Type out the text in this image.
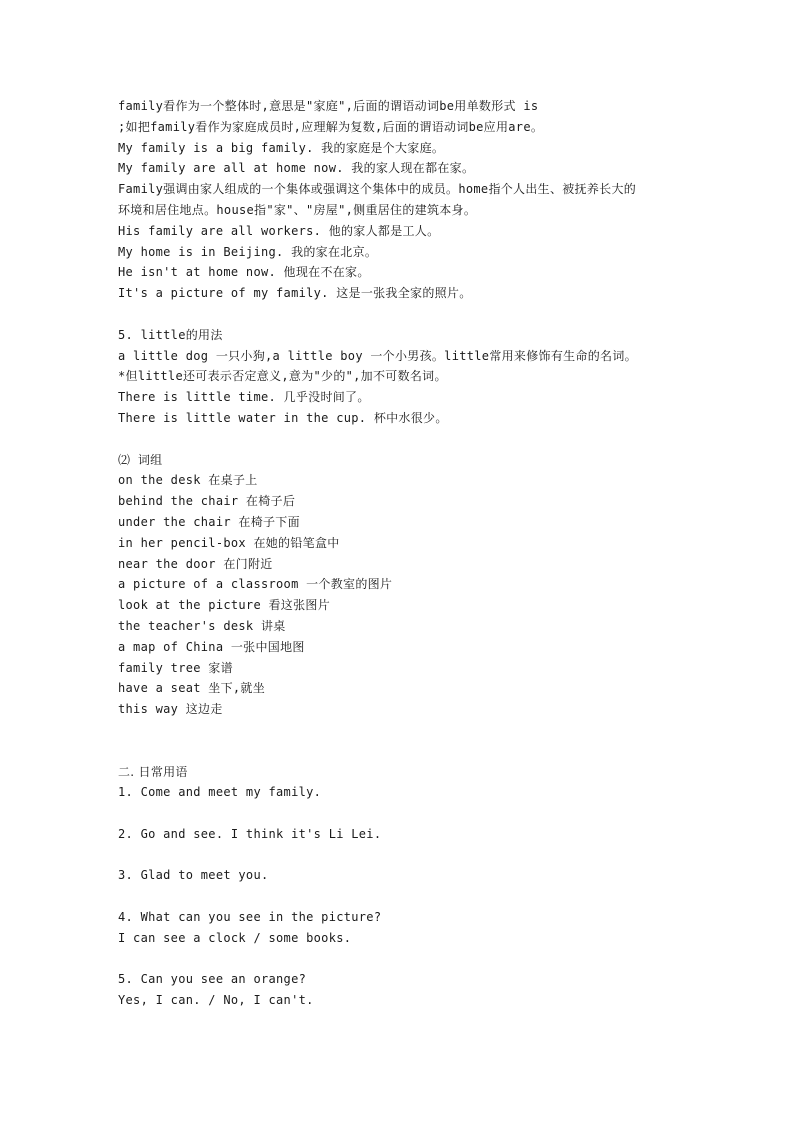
family看作为一个整体时,意思是"家庭",后面的谓语动词be用单数形式 is
;如把family看作为家庭成员时,应理解为复数,后面的谓语动词be应用are。
My family is a big family. 我的家庭是个大家庭。
My family are all at home now. 我的家人现在都在家。
Family强调由家人组成的一个集体或强调这个集体中的成员。home指个人出生、被抚养长大的
环境和居住地点。house指"家"、"房屋",侧重居住的建筑本身。
His family are all workers. 他的家人都是工人。
My home is in Beijing. 我的家在北京。
He isn't at home now. 他现在不在家。
It's a picture of my family. 这是一张我全家的照片。
5. little的用法
a little dog 一只小狗,a little boy 一个小男孩。little常用来修饰有生命的名词。
*但little还可表示否定意义,意为"少的",加不可数名词。
There is little time. 几乎没时间了。
There is little water in the cup. 杯中水很少。
⑵ 词组
on the desk 在桌子上
behind the chair 在椅子后
under the chair 在椅子下面
in her pencil-box 在她的铅笔盒中
near the door 在门附近
a picture of a classroom 一个教室的图片
look at the picture 看这张图片
the teacher's desk 讲桌
a map of China 一张中国地图
family tree 家谱
have a seat 坐下,就坐
this way 这边走
二. 日常用语
1. Come and meet my family.
2. Go and see. I think it's Li Lei.
3. Glad to meet you.
4. What can you see in the picture?
I can see a clock / some books.
5. Can you see an orange?
Yes, I can. / No, I can't.
